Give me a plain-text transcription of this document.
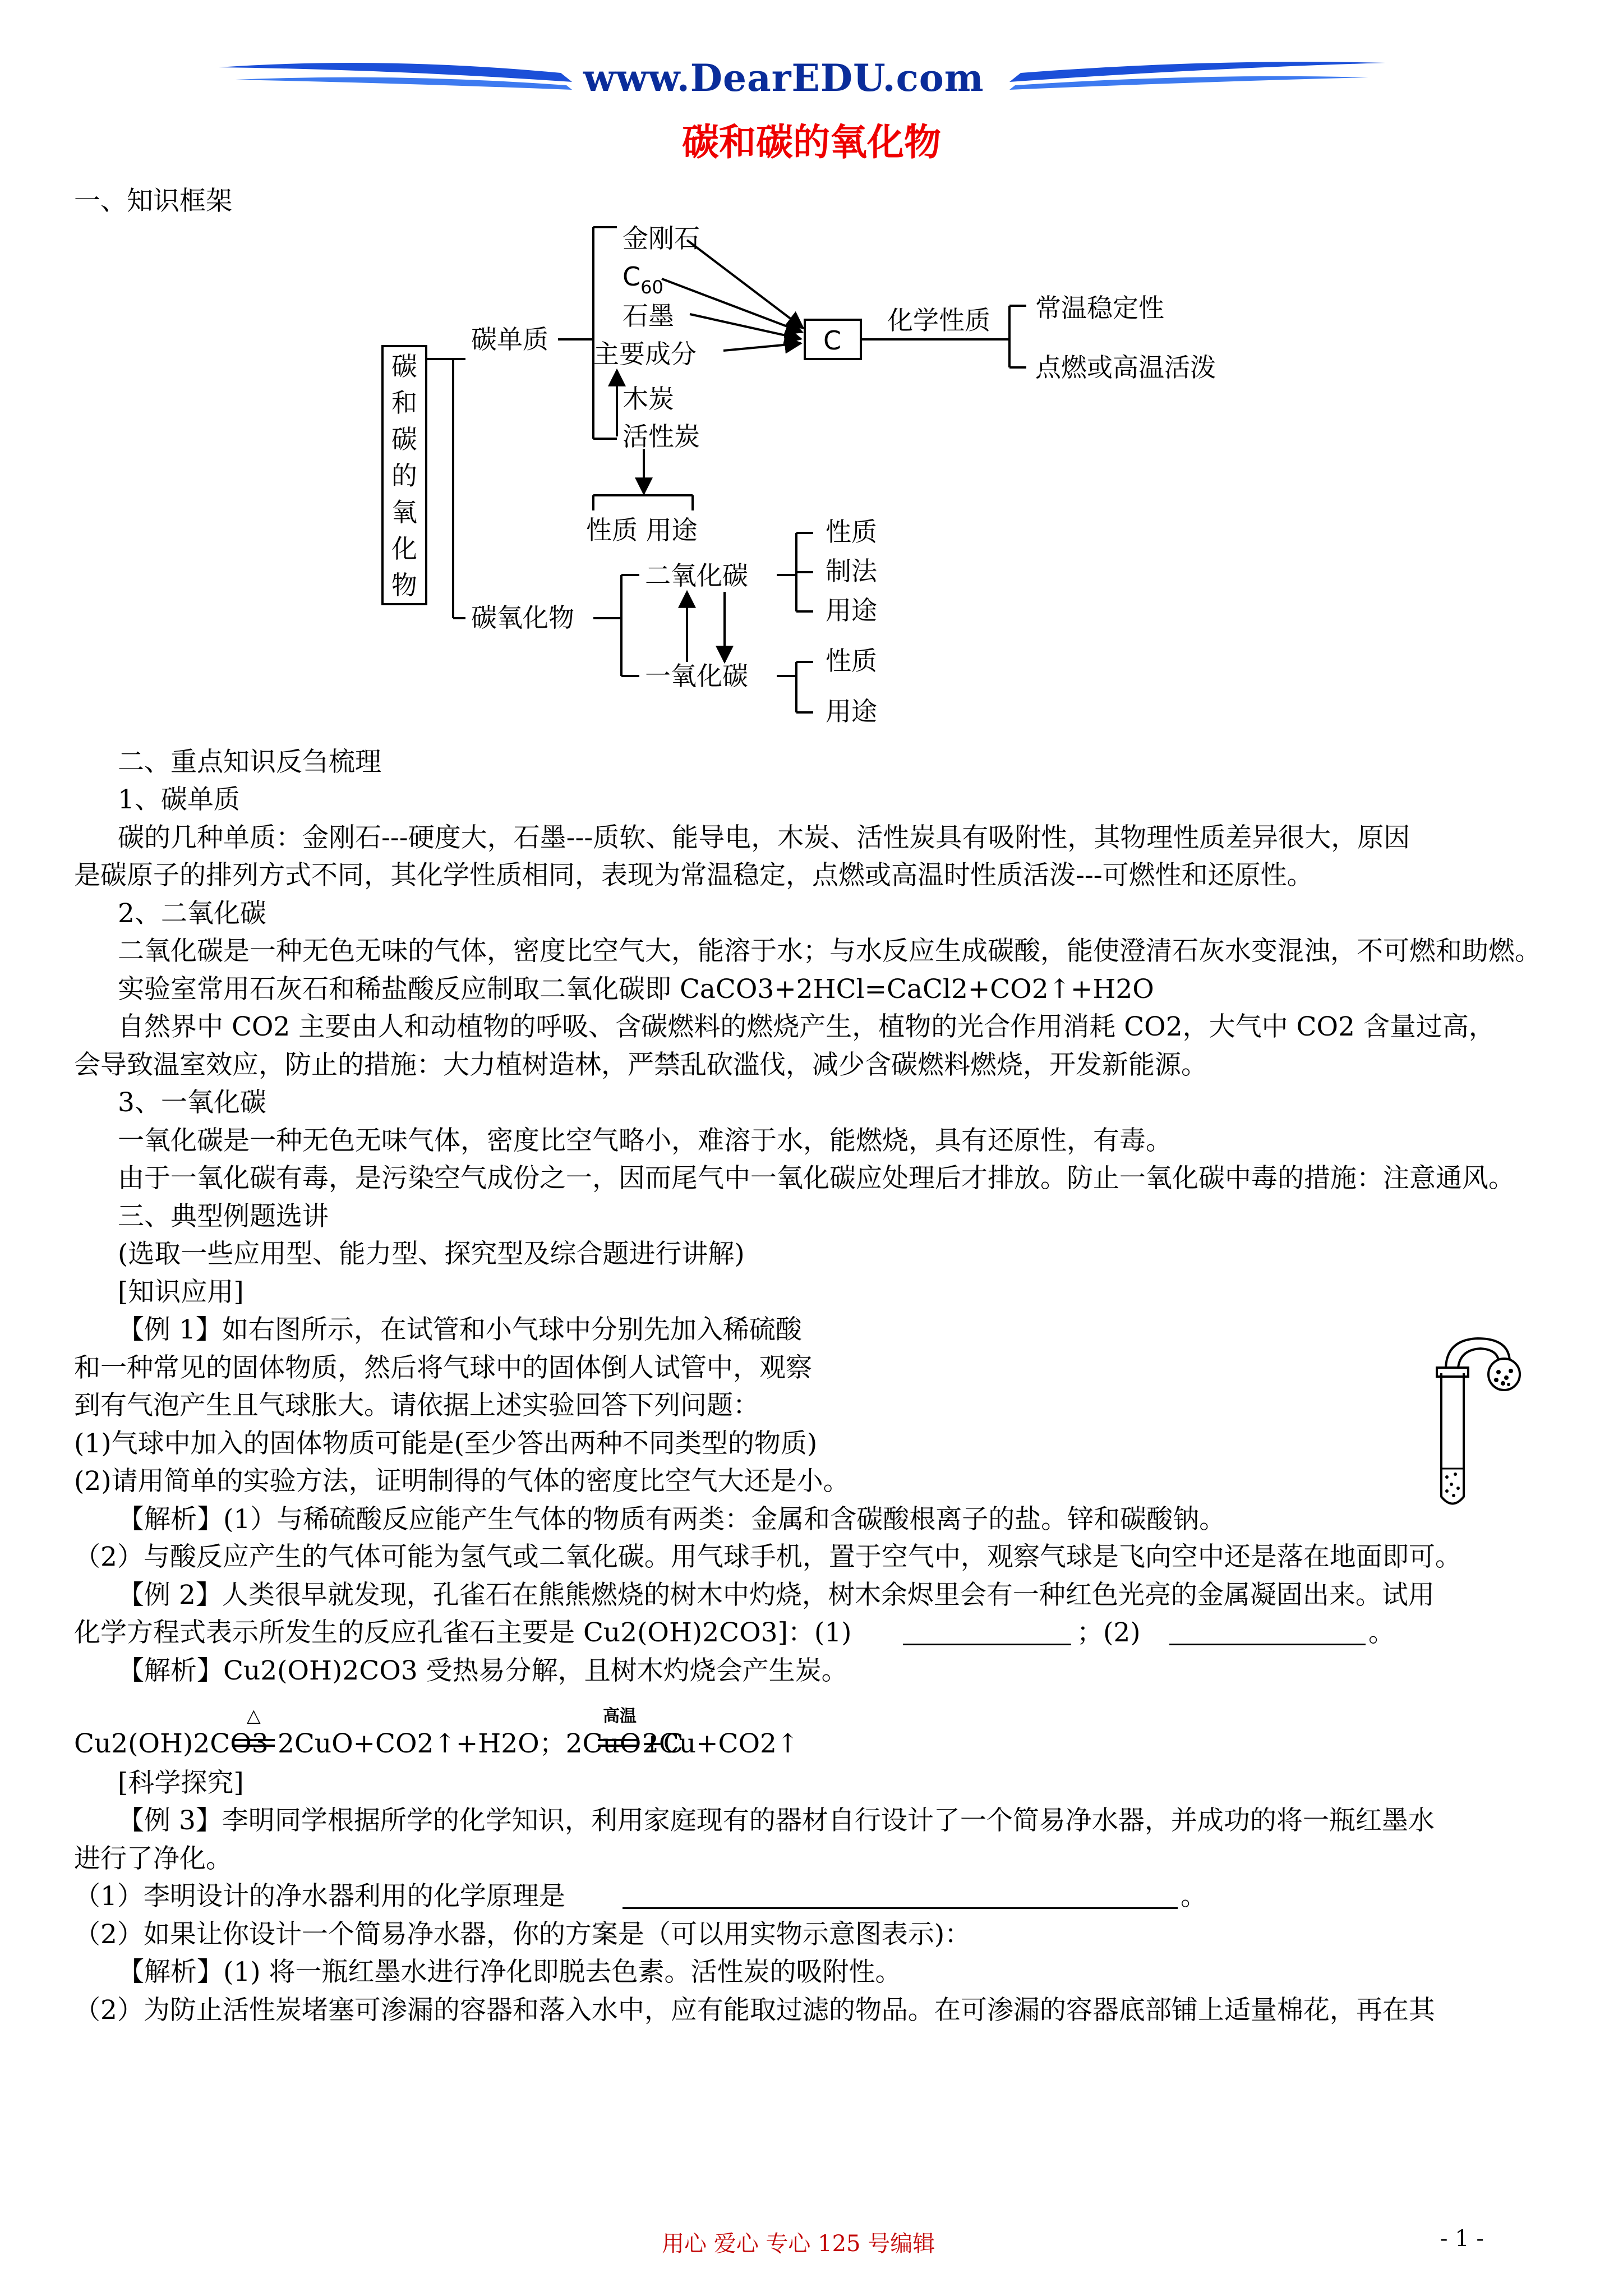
www.DearEDU.com
碳和碳的氧化物
一、知识框架
碳
和
碳
的
氧
化
物
碳单质
金刚石
$C_{60}$
石墨
主要成分
木炭
活性炭
C
化学性质 常温稳定性
点燃或高温活泼
性质 用途
碳氧化物
二氧化碳
性质
制法
用途
一氧化碳	性质
用途
二、重点知识反刍梳理
1、碳单质
碳的几种单质：金刚石---硬度大，石墨---质软、能导电，木炭、活性炭具有吸附性，其物理性质差异很大，原因
是碳原子的排列方式不同，其化学性质相同，表现为常温稳定，点燃或高温时性质活泼---可燃性和还原性。
2、二氧化碳
二氧化碳是一种无色无味的气体，密度比空气大，能溶于水；与水反应生成碳酸，能使澄清石灰水变混浊，不可燃和助燃。
实验室常用石灰石和稀盐酸反应制取二氧化碳即 CaCO3+2HCl=CaCl2+CO2↑+H2O
自然界中 CO2 主要由人和动植物的呼吸、含碳燃料的燃烧产生，植物的光合作用消耗 CO2，大气中 CO2 含量过高，
会导致温室效应，防止的措施：大力植树造林，严禁乱砍滥伐，减少含碳燃料燃烧，开发新能源。
3、一氧化碳
一氧化碳是一种无色无味气体，密度比空气略小，难溶于水，能燃烧，具有还原性，有毒。
由于一氧化碳有毒，是污染空气成份之一，因而尾气中一氧化碳应处理后才排放。防止一氧化碳中毒的措施：注意通风。
三、典型例题选讲
(选取一些应用型、能力型、探究型及综合题进行讲解)
[知识应用]
【例 1】如右图所示，在试管和小气球中分别先加入稀硫酸
和一种常见的固体物质，然后将气球中的固体倒人试管中，观察
到有气泡产生且气球胀大。请依据上述实验回答下列问题：
(1)气球中加入的固体物质可能是(至少答出两种不同类型的物质)
(2)请用简单的实验方法，证明制得的气体的密度比空气大还是小。
【解析】(1）与稀硫酸反应能产生气体的物质有两类：金属和含碳酸根离子的盐。锌和碳酸钠。
（2）与酸反应产生的气体可能为氢气或二氧化碳。用气球手机，置于空气中，观察气球是飞向空中还是落在地面即可。
【例 2】人类很早就发现，孔雀石在熊熊燃烧的树木中灼烧，树木余烬里会有一种红色光亮的金属凝固出来。试用
化学方程式表示所发生的反应孔雀石主要是 Cu2(OH)2CO3]：(1)	；(2)	。
【解析】Cu2(OH)2CO3 受热易分解，且树木灼烧会产生炭。
△	高温
Cu2(OH)2CO3 2CuO+CO2↑+H2O；2CuO+C
2Cu+CO2↑
[科学探究]
【例 3】李明同学根据所学的化学知识，利用家庭现有的器材自行设计了一个简易净水器，并成功的将一瓶红墨水
进行了净化。
（1）李明设计的净水器利用的化学原理是	。
（2）如果让你设计一个简易净水器，你的方案是（可以用实物示意图表示)：
【解析】(1) 将一瓶红墨水进行净化即脱去色素。活性炭的吸附性。
（2）为防止活性炭堵塞可渗漏的容器和落入水中，应有能取过滤的物品。在可渗漏的容器底部铺上适量棉花，再在其
用心 爱心 专心 125 号编辑	- 1 -
